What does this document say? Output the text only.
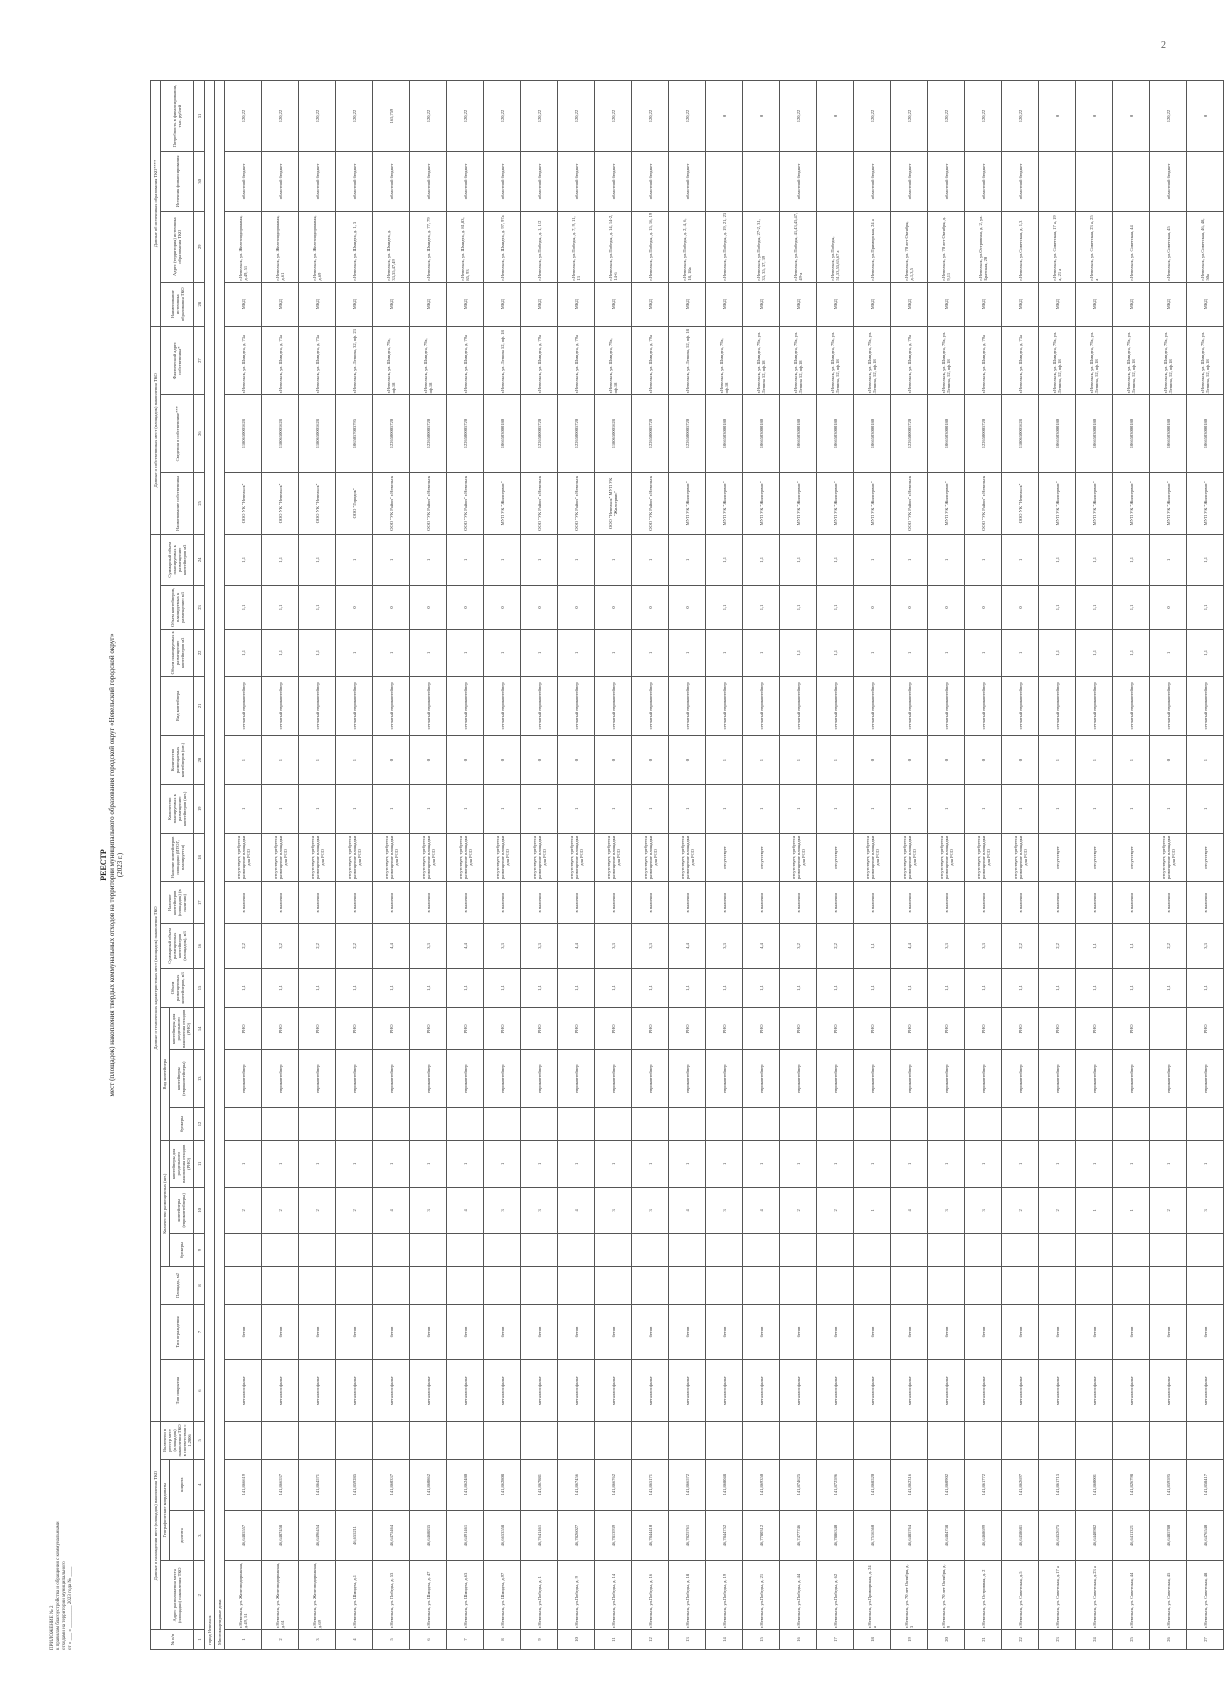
2
ПРИЛОЖЕНИЕ № 2 к правилам благоустройства и обращения с коммунальными отходами на территории муниципального от « ___ » _________ 2023 года № ____
РЕЕСТР мест (площадок) накопления твердых коммунальных отходов на территории муниципального образования городской округ «Невельский городской округ» (2023 г.)
№ п/п	Данные о нахождении мест (площадок) накопления ТКО				Данные о технических характеристиках мест (площадок) накопления ТКО																			Данные о собственниках мест (площадок) накопления ТКО			Данные об источниках образования ТКО****			
	Адрес расположения места (площадки) накопления ТКО	Географические координаты		Включено в реестр мест (площадок) накопления ТКО в соответствии с 1.2006	Тип покрытия	Тип ограждения	Площадь, м2	Количество размещенных (шт.)			Вид контейнера			Объем размещенных контейнеров, м3	Суммарный объем размещенных контейнеров (площадок), м3	Наличие контейнеров (площадок) (в наличии)	Наличие контейнеров площадки (ИТОГ, планируется)	Количество планируемых к размещению контейнеров (шт.)	Количество размещаемых контейнеров (шт.)	Вид контейнера	Объем планируемых к размещению контейнеров м3	Объем контейнеров, планируемых к размещению м3	Суммарный объем планируемых к размещению контейнеров м3	Наименование собственника	Сведения о собственнике***	Фактический адрес собственника*	Наименование источника образования ТКО	Адрес (территория) источника образования ТКО	Источник финансирования	Потребность в финансировании, тыс. рублей
		долгота	широта					бункеры	контейнеры (евроконтейнеры)	контейнеры для раздельного накопления отходов (РНО)	бункеры	контейнеры (евроконтейнеры)	контейнеры для раздельного накопления отходов (РНО)																	
1	2	3	4	5	6	7	8	9	10	11	12	13	14	15	16	17	18	19	20	21	22	23	24	25	26	27	28	29	30	31
город Невельск																														
Многоквартирные дома																														
1	г.Невельск, ул. Железнодорожная, д.49, 51	46,6485557	141,866619		металлосфальт	бетон			2	1		евроконтейнер	РНО	1,1	2,2	в наличии	отсутствует, требуется размещение площадки для РСО	1	1	сетчатый евроконтейнер	1,1	1,1	1,1	ООО УК "Невельск"	1180650001628	г.Невельск, ул. Шмидта, д. 73а	МКД	г.Невельск, ул. Железнодорожная, д.49, 51	областной бюджет	120,22
2	г.Невельск, ул. Железнодорожная, д.61	46,6487458	141,866537		металлосфальт	бетон			2	1		евроконтейнер	РНО	1,1	3,2	в наличии	отсутствует, требуется размещение площадки для РСО	1	1	сетчатый евроконтейнер	1,1	1,1	1,1	ООО УК "Невельск"	1180650001628	г.Невельск, ул. Шмидта, д. 73а	МКД	г.Невельск, ул. Железнодорожная, д.61	областной бюджет	120,22
3	г.Невельск, ул. Железнодорожная, д.69	46,6496454	141,864571		металлосфальт	бетон			2	1		евроконтейнер	РНО	1,1	2,2	в наличии	отсутствует, требуется размещение площадки для РСО	1	1	сетчатый евроконтейнер	1,1	1,1	1,1	ООО УК "Невельск"	1180650001628	г.Невельск, ул. Шмидта, д. 73а	МКД	г.Невельск, ул. Железнодорожная, д.69	областной бюджет	120,22
4	г.Невельск, ул. Шмидта, д.1	46,655211	141,859285		металлосфальт	бетон			2	1		евроконтейнер	РНО	1,1	2,2	в наличии	отсутствует, требуется размещение площадки для РСО	1	1	сетчатый евроконтейнер	1	0	1	ООО "Городок"	1065057003795	г.Невельск, ул. Ленина, 32, оф. 23	МКД	г.Невельск, ул. Шмидта, д. 1, 3	областной бюджет	120,22
5	г.Невельск, ул. Победы, д. 53	46,6475464	141,860337		металлосфальт	бетон			4	1		евроконтейнер	РНО	1,1	4,4	в наличии	отсутствует, требуется размещение площадки для РСО	1	0	сетчатый евроконтейнер	1	0	1	ООО "УК Район" г.Невельск	1226500005720	г.Невельск, ул. Шмидта, 79а, оф.18	МКД	г.Невельск, ул. Шмидта, д. 33,35,47,49	областной бюджет	165,759
6	г.Невельск, ул. Шмидта, д. 47	46,6468835	141,860862		металлосфальт	бетон			3	1		евроконтейнер	РНО	1,1	3,3	в наличии	отсутствует, требуется размещение площадки для РСО	1	0	сетчатый евроконтейнер	1	0	1	ООО "УК Район" г.Невельск	1226500005720	г.Невельск, ул. Шмидта, 79а, оф.18	МКД	г.Невельск, ул. Шмидта, д. 77, 79	областной бюджет	120,22
7	г.Невельск, ул. Шмидта, д.63	46,6491461	141,862480		металлосфальт	бетон			4	1		евроконтейнер	РНО	1,1	4,4	в наличии	отсутствует, требуется размещение площадки для РСО	1	0	сетчатый евроконтейнер	1	0	1	ООО "УК Район" г.Невельск	1226500005720	г.Невельск, ул. Шмидта, д. 79а	МКД	г.Невельск, ул. Шмидта, д. 81,83, 85, 93	областной бюджет	120,22
8	г.Невельск, ул. Шмидта, д.97	46,6653558	141,862808		металлосфальт	бетон			3	1		евроконтейнер	РНО	1,1	3,3	в наличии	отсутствует, требуется размещение площадки для РСО	1	0	сетчатый евроконтейнер	1	0	1	МУП УК "Жилсервис"	1066503000180	г.Невельск, ул. Ленина 52, оф. 18	МКД	г.Невельск, ул. Шмидта, д. 97, 97а	областной бюджет	120,22
9	г.Невельск, ул.Победы, д. 1	46,7641461	141,867881		металлосфальт	бетон			3	1		евроконтейнер	РНО	1,1	3,3	в наличии	отсутствует, требуется размещение площадки для РСО	1	0	сетчатый евроконтейнер	1	0	1	ООО "УК Район" г.Невельск	1226500005720	г.Невельск, ул. Шмидта, д. 79а	МКД	г.Невельск, ул.Победы, д. 1, 1/2	областной бюджет	120,22
10	г.Невельск, ул.Победы, д. 9	46,7826027	141,867456		металлосфальт	бетон			4	1		евроконтейнер	РНО	1,1	4,4	в наличии	отсутствует, требуется размещение площадки для РСО	1	0	сетчатый евроконтейнер	1	0	1	ООО "УК Район" г.Невельск	1226500005720	г.Невельск, ул. Шмидта, д. 79а	МКД	г.Невельск, ул.Победы, д. 7, 9, 11, 13	областной бюджет	120,22
11	г.Невельск, ул.Победы, д. 14	46,7813939	141,866762		металлосфальт	бетон			3	1		евроконтейнер	РНО	1,1	3,3	в наличии	отсутствует, требуется размещение площадки для РСО	1	0	сетчатый евроконтейнер	1	0	1	ООО "Невельск" МУП УК "Жилсервис"	1180650001628	г.Невельск, ул. Шмидта, 79а, оф.18	МКД	г.Невельск, ул.Победы, д. 14, 14-2, 14-6	областной бюджет	120,22
12	г.Невельск, ул.Победы, д. 16	46,7844410	141,865171		металлосфальт	бетон			3	1		евроконтейнер	РНО	1,1	3,3	в наличии	отсутствует, требуется размещение площадки для РСО	1	0	сетчатый евроконтейнер	1	0	1	ООО "УК Район" г.Невельск	1226500005720	г.Невельск, ул. Шмидта, д. 79а	МКД	г.Невельск, ул.Победы, д. 15, 16, 19	областной бюджет	120,22
13	г.Невельск, ул.Победы, д. 18	46,7825761	141,866572		металлосфальт	бетон			4	1		евроконтейнер	РНО	1,1	4,4	в наличии	отсутствует, требуется размещение площадки для РСО	1	0	сетчатый евроконтейнер	1	0	1	МУП УК "Жилсервис"	1226500005720	г.Невельск, ул. Ленина, 52, оф. 18	МКД	г.Невельск, ул.Победы, д. 2, 4, 6, 18, 18а	областной бюджет	120,22
14	г.Невельск, ул.Победы, д. 19	46,7844752	141,868048		металлосфальт	бетон			3	1		евроконтейнер	РНО	1,1	3,3	в наличии	отсутствует	1	1	сетчатый евроконтейнер	1	1,1	1,1	МУП УК "Жилсервис"	1066503000180	г.Невельск, ул. Шмидта, 79а, оф.18	МКД	г.Невельск, ул.Победы, д. 19, 21, 23		0
15	г.Невельск, ул.Победы, д. 21	46,7780312	141,869350		металлосфальт	бетон			4	1		евроконтейнер	РНО	1,1	4,4	в наличии	отсутствует	1	1	сетчатый евроконтейнер	1	1,1	1,1	МУП УК "Жилсервис"	1066503000180	г.Невельск, ул. Шмидта, 79а, ул. Ленина 52, оф.18	МКД	г.Невельск, ул.Победы, 27-2, 31, 33, 35, 37, 39		0
16	г.Невельск, ул.Победы, д. 44	46,7477746	141,874625		металлосфальт	бетон			2	1		евроконтейнер	РНО	1,1	3,2	в наличии	отсутствует, требуется размещение площадки для РСО	1	1	сетчатый евроконтейнер	1,1	1,1	1,1	МУП УК "Жилсервис"	1066503000180	г.Невельск, ул. Шмидта, 79а, ул. Ленина 52, оф.18	МКД	г.Невельск, ул.Победы, 41,43,45,47, 49-а	областной бюджет	120,22
17	г.Невельск, ул.Победы, д. 62	46,7886340	141,872596		металлосфальт	бетон			2	1		евроконтейнер	РНО	1,1	2,2	в наличии	отсутствует	1	1	сетчатый евроконтейнер	1,1	1,1	1,1	МУП УК "Жилсервис"	1066503000180	г.Невельск, ул. Шмидта, 79а, ул. Ленина, 52, оф.18	МКД	г.Невельск, ул.Победы, 51,53,55,65,67 а		0
18	г.Невельск, ул.Приморская, д. 24 а	46,7516560	141,868520		металлосфальт	бетон			1	1		евроконтейнер	РНО	1,1	1,1	в наличии	отсутствует, требуется размещение площадки для РСО	1	0	сетчатый евроконтейнер	1	0	1	МУП УК "Жилсервис"	1066503000180	г.Невельск, ул. Шмидта, 79а, ул. Ленина, 52, оф.18	МКД	г.Невельск, ул.Приморская, 24 а	областной бюджет	120,22
19	г.Невельск, ул. 70 лет Октября, д. 3	46,6485764	141,862316		металлосфальт	бетон			4	1		евроконтейнер	РНО	1,1	4,4	в наличии	отсутствует, требуется размещение площадки для РСО	1	0	сетчатый евроконтейнер	1	0	1	ООО "УК Район" г.Невельск	1226500005720	г.Невельск, ул. Шмидта, д. 79а	МКД	г.Невельск, ул. 70 лет Октября, д.1,3,5	областной бюджет	120,22
20	г.Невельск, ул. 70 лет Октября, д. 9	46,6484738	141,860902		металлосфальт	бетон			3	1		евроконтейнер	РНО	1,1	3,3	в наличии	отсутствует, требуется размещение площадки для РСО	1	0	сетчатый евроконтейнер	1	0	1	МУП УК "Жилсервис"	1066503000180	г.Невельск, ул. Шмидта, 79а, ул. Ленина, 52, оф.18	МКД	г.Невельск, ул. 70 лет Октября, д. 9,11	областной бюджет	120,22
21	г.Невельск, ул. Островная, д. 2	46,6468699	141,861772		металлосфальт	бетон			3	1		евроконтейнер	РНО	1,1	3,3	в наличии	отсутствует, требуется размещение площадки для РСО	1	0	сетчатый евроконтейнер	1	0	1	ООО "УК Район" г.Невельск	1226500005720	г.Невельск, ул. Шмидта, д. 79а	МКД	г.Невельск, ул.Островная, д. 2, ул. Братская, 20	областной бюджет	120,22
22	г.Невельск, ул. Советская, д.5	46,6458681	141,862697		металлосфальт	бетон			2	1		евроконтейнер	РНО	1,1	2,2	в наличии	отсутствует, требуется размещение площадки для РСО	1	0	сетчатый евроконтейнер	1	0	1	ООО УК "Невельск"	1180650001628	г.Невельск, ул. Шмидта, д. 73а	МКД	г.Невельск, ул.Советская, д. 1,3	областной бюджет	120,22
23	г.Невельск, ул. Советская, д.17 а	46,6452675	141,861713		металлосфальт	бетон			2	1		евроконтейнер	РНО	1,1	2,2	в наличии	отсутствует	1	1	сетчатый евроконтейнер	1,1	1,1	1,1	МУП УК "Жилсервис"	1066503000180	г.Невельск, ул. Шмидта, 79а, ул. Ленина, 52, оф.18	МКД	г.Невельск, ул. Советская, 17 а, 19 а, 21 а		0
24	г.Невельск, ул. Советская, д.23 а	46,6448982	141,860001		металлосфальт	бетон			1	1		евроконтейнер	РНО	1,1	1,1	в наличии	отсутствует	1	1	сетчатый евроконтейнер	1,1	1,1	1,1	МУП УК "Жилсервис"	1066503000180	г.Невельск, ул. Шмидта, 79а, ул. Ленина, 52, оф.18	МКД	г.Невельск, ул. Советская, 23 а, 25 а		0
25	г.Невельск, ул. Советская, 44	46,6411321	141,826798		металлосфальт	бетон			1	1		евроконтейнер	РНО	1,1	1,1	в наличии	отсутствует	1	1	сетчатый евроконтейнер	1,1	1,1	1,1	МУП УК "Жилсервис"	1066503000180	г.Невельск, ул. Шмидта, 79а, ул. Ленина, 52, оф.18	МКД	г.Невельск, ул. Советская, 44		0
26	г.Невельск, ул. Советская, 45	46,6485780	141,859595		металлосфальт	бетон			2	1		евроконтейнер		1,1	2,2	в наличии	отсутствует, требуется размещение площадки для РСО	1	0	сетчатый евроконтейнер	1	0	1	МУП УК "Жилсервис"	1066503000180	г.Невельск, ул. Шмидта, 79а, ул. Ленина, 52, оф.18	МКД	г.Невельск, ул.Советская, 45	областной бюджет	120,22
27	г.Невельск, ул. Советская, 48	46,6476540	141,858417		металлосфальт	бетон			3	1		евроконтейнер	РНО	1,1	3,3	в наличии	отсутствует	1	1	сетчатый евроконтейнер	1,1	1,1	1,1	МУП УК "Жилсервис"	1066503000180	г.Невельск, ул. Шмидта, 79а, ул. Ленина, 52, оф.18	МКД	г.Невельск, ул.Советская, 46, 48, 50а		0
